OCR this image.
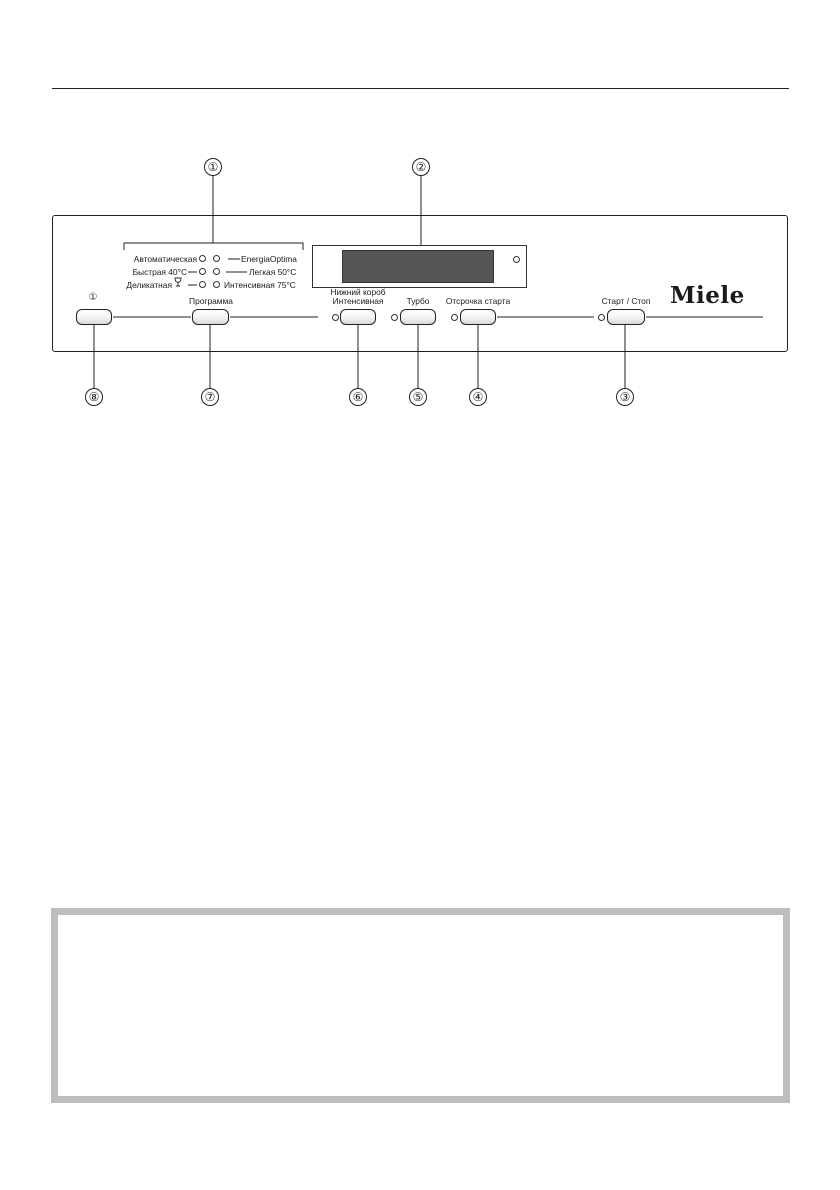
①	②
Автоматическая	EnergiaOptima
Быстрая 40°C	Легкая 50°C
Деликатная	Интенсивная 75°C	Miele
①	Программа
Нижний короб
Интенсивная	Турбо Отсрочка старта	Старт / Стоп
⑧	⑦	⑥	⑤	④	③
